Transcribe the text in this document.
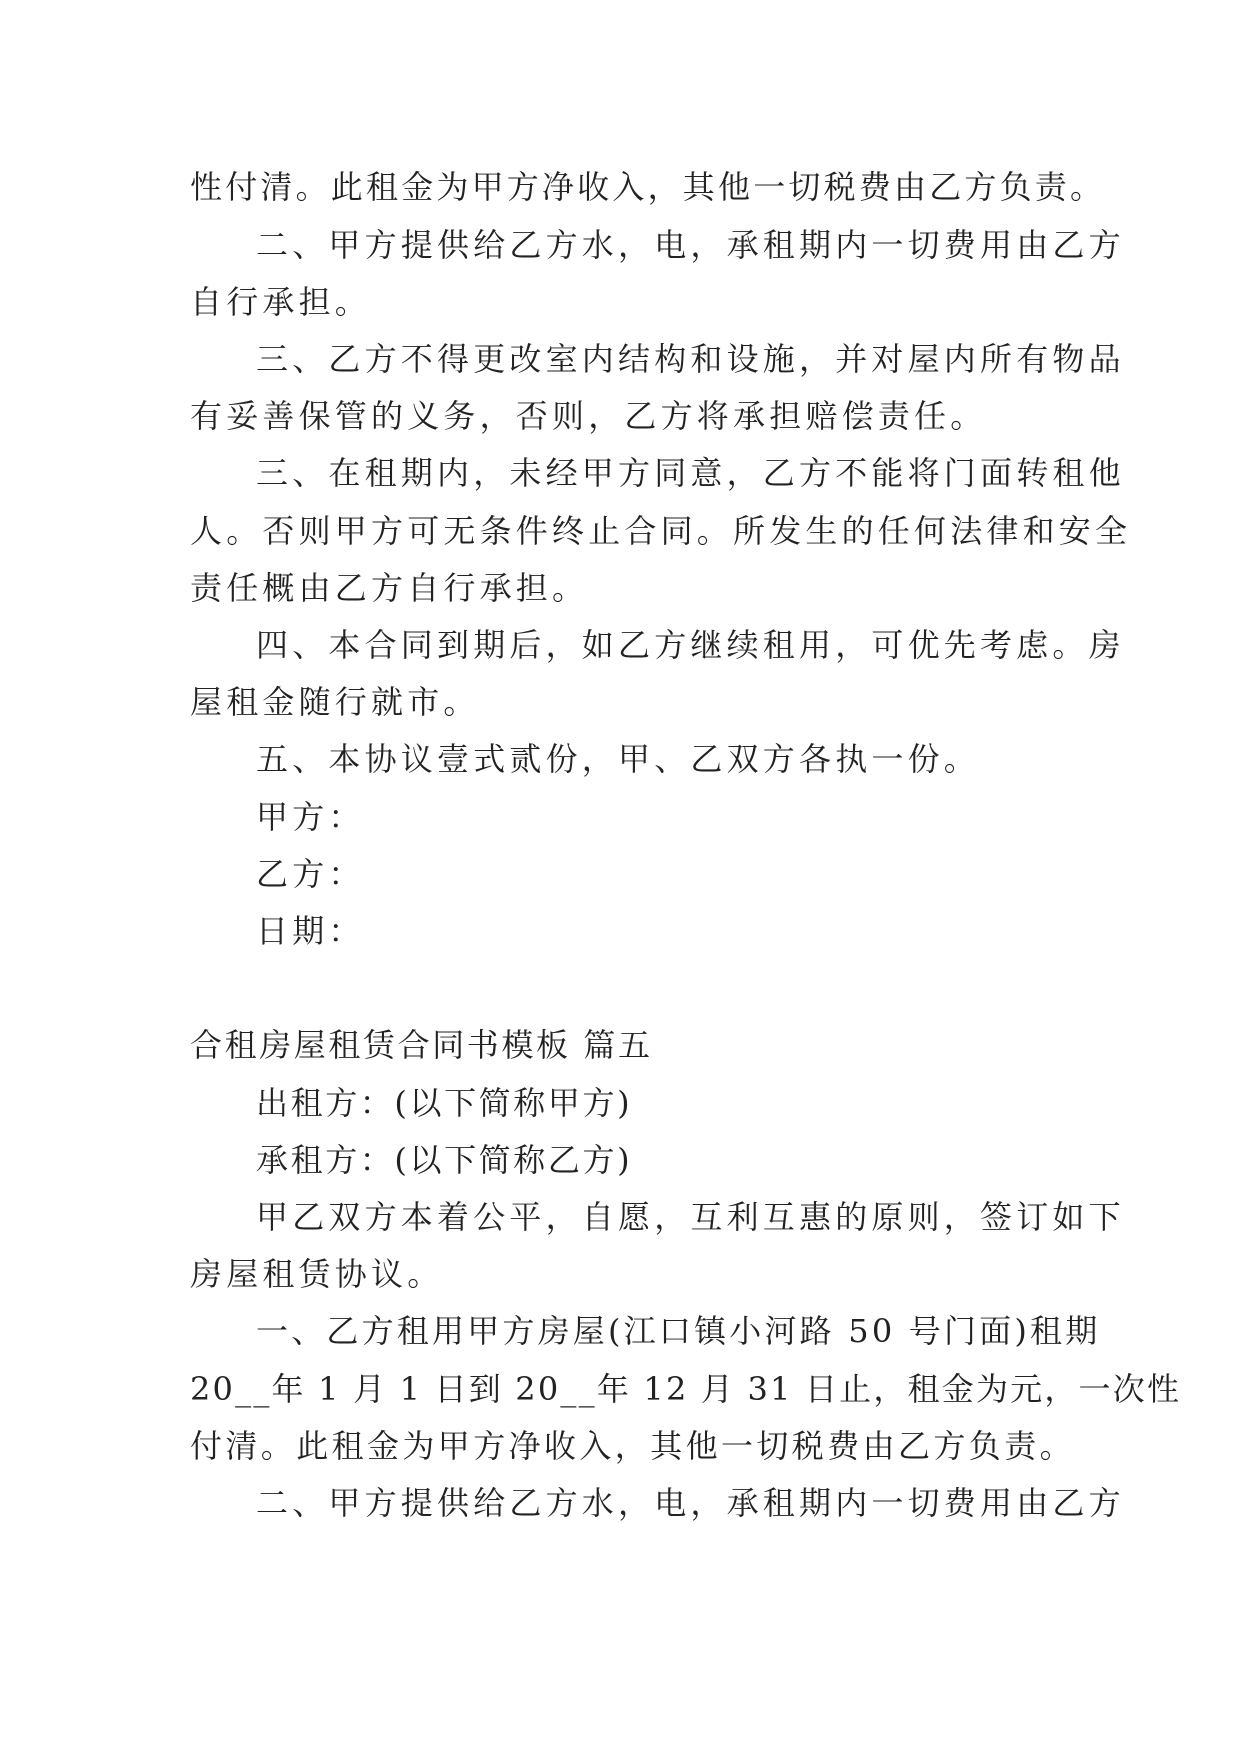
性付清。此租金为甲方净收入，其他一切税费由乙方负责。
二、甲方提供给乙方水，电，承租期内一切费用由乙方
自行承担。
三、乙方不得更改室内结构和设施，并对屋内所有物品
有妥善保管的义务，否则，乙方将承担赔偿责任。
三、在租期内，未经甲方同意，乙方不能将门面转租他
人。否则甲方可无条件终止合同。所发生的任何法律和安全
责任概由乙方自行承担。
四、本合同到期后，如乙方继续租用，可优先考虑。房
屋租金随行就市。
五、本协议壹式贰份，甲、乙双方各执一份。
甲方：
乙方：
日期：
合租房屋租赁合同书模板 篇五
出租方：(以下简称甲方)
承租方：(以下简称乙方)
甲乙双方本着公平，自愿，互利互惠的原则，签订如下
房屋租赁协议。
一、乙方租用甲方房屋(江口镇小河路 50 号门面)租期
20__年 1 月 1 日到 20__年 12 月 31 日止，租金为元，一次性
付清。此租金为甲方净收入，其他一切税费由乙方负责。
二、甲方提供给乙方水，电，承租期内一切费用由乙方
